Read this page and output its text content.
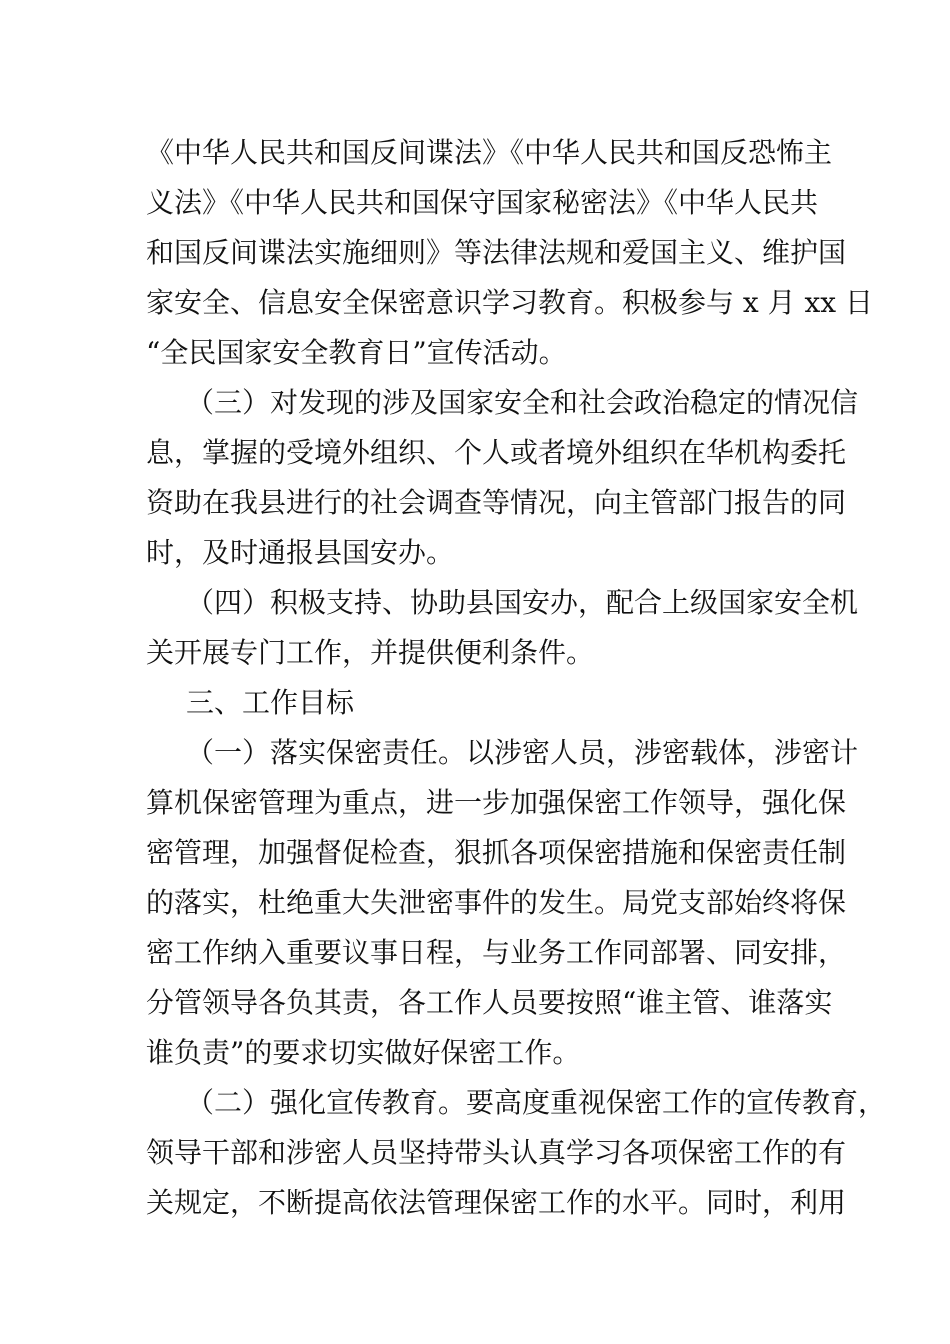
《中华人民共和国反间谍法》《中华人民共和国反恐怖主
义法》《中华人民共和国保守国家秘密法》《中华人民共
和国反间谍法实施细则》等法律法规和爱国主义、维护国
家安全、信息安全保密意识学习教育。积极参与 x 月 xx 日
“全民国家安全教育日”宣传活动。
（三）对发现的涉及国家安全和社会政治稳定的情况信
息，掌握的受境外组织、个人或者境外组织在华机构委托
资助在我县进行的社会调查等情况，向主管部门报告的同
时，及时通报县国安办。
（四）积极支持、协助县国安办，配合上级国家安全机
关开展专门工作，并提供便利条件。
三、工作目标
（一）落实保密责任。以涉密人员，涉密载体，涉密计
算机保密管理为重点，进一步加强保密工作领导，强化保
密管理，加强督促检查，狠抓各项保密措施和保密责任制
的落实，杜绝重大失泄密事件的发生。局党支部始终将保
密工作纳入重要议事日程，与业务工作同部署、同安排，
分管领导各负其责，各工作人员要按照“谁主管、谁落实
谁负责”的要求切实做好保密工作。
（二）强化宣传教育。要高度重视保密工作的宣传教育，
领导干部和涉密人员坚持带头认真学习各项保密工作的有
关规定，不断提高依法管理保密工作的水平。同时，利用
